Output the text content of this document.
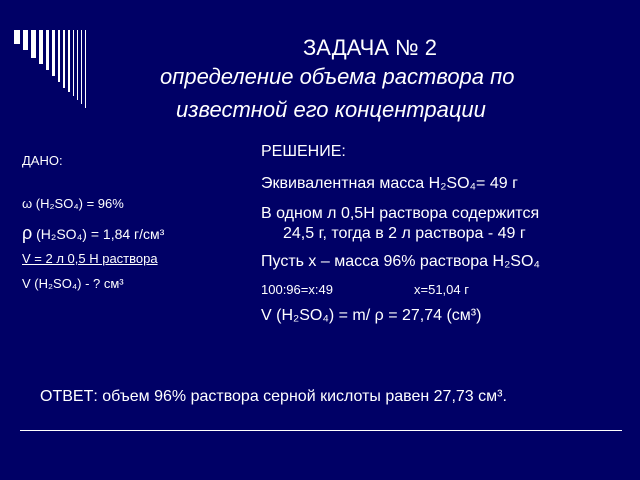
ЗАДАЧА № 2
определение объема раствора по
известной его концентрации
ДАНО:
ω (H₂SO₄) = 96%
ρ (H₂SO₄) = 1,84 г/см³
V = 2 л 0,5 Н раствора
V (H₂SO₄) - ? см³
РЕШЕНИЕ:
Эквивалентная масса H₂SO₄= 49 г
В одном л 0,5Н раствора содержится
24,5 г, тогда в 2 л раствора - 49 г
Пусть х – масса 96% раствора H₂SO₄
100:96=х:49	х=51,04 г
V (H₂SO₄) = m/ ρ = 27,74 (см³)
ОТВЕТ: объем 96% раствора серной кислоты равен 27,73 см³.
